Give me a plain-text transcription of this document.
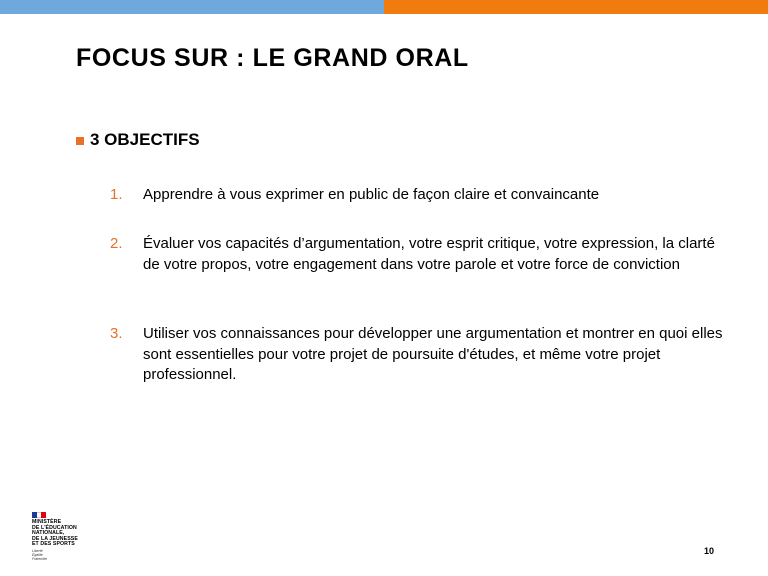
FOCUS SUR : LE GRAND ORAL
3 OBJECTIFS
1.	Apprendre à vous exprimer en public de façon claire et convaincante
2.	Évaluer vos capacités d’argumentation, votre esprit critique, votre expression, la clarté de votre propos, votre engagement dans votre parole et votre force de conviction
3.	Utiliser vos connaissances pour développer une argumentation et montrer en quoi elles sont essentielles pour votre projet de poursuite d'études, et même votre projet professionnel.
MINISTÈRE
DE L'ÉDUCATION
NATIONALE,
DE LA JEUNESSE
ET DES SPORTS
Liberté
Égalité
Fraternité
10
